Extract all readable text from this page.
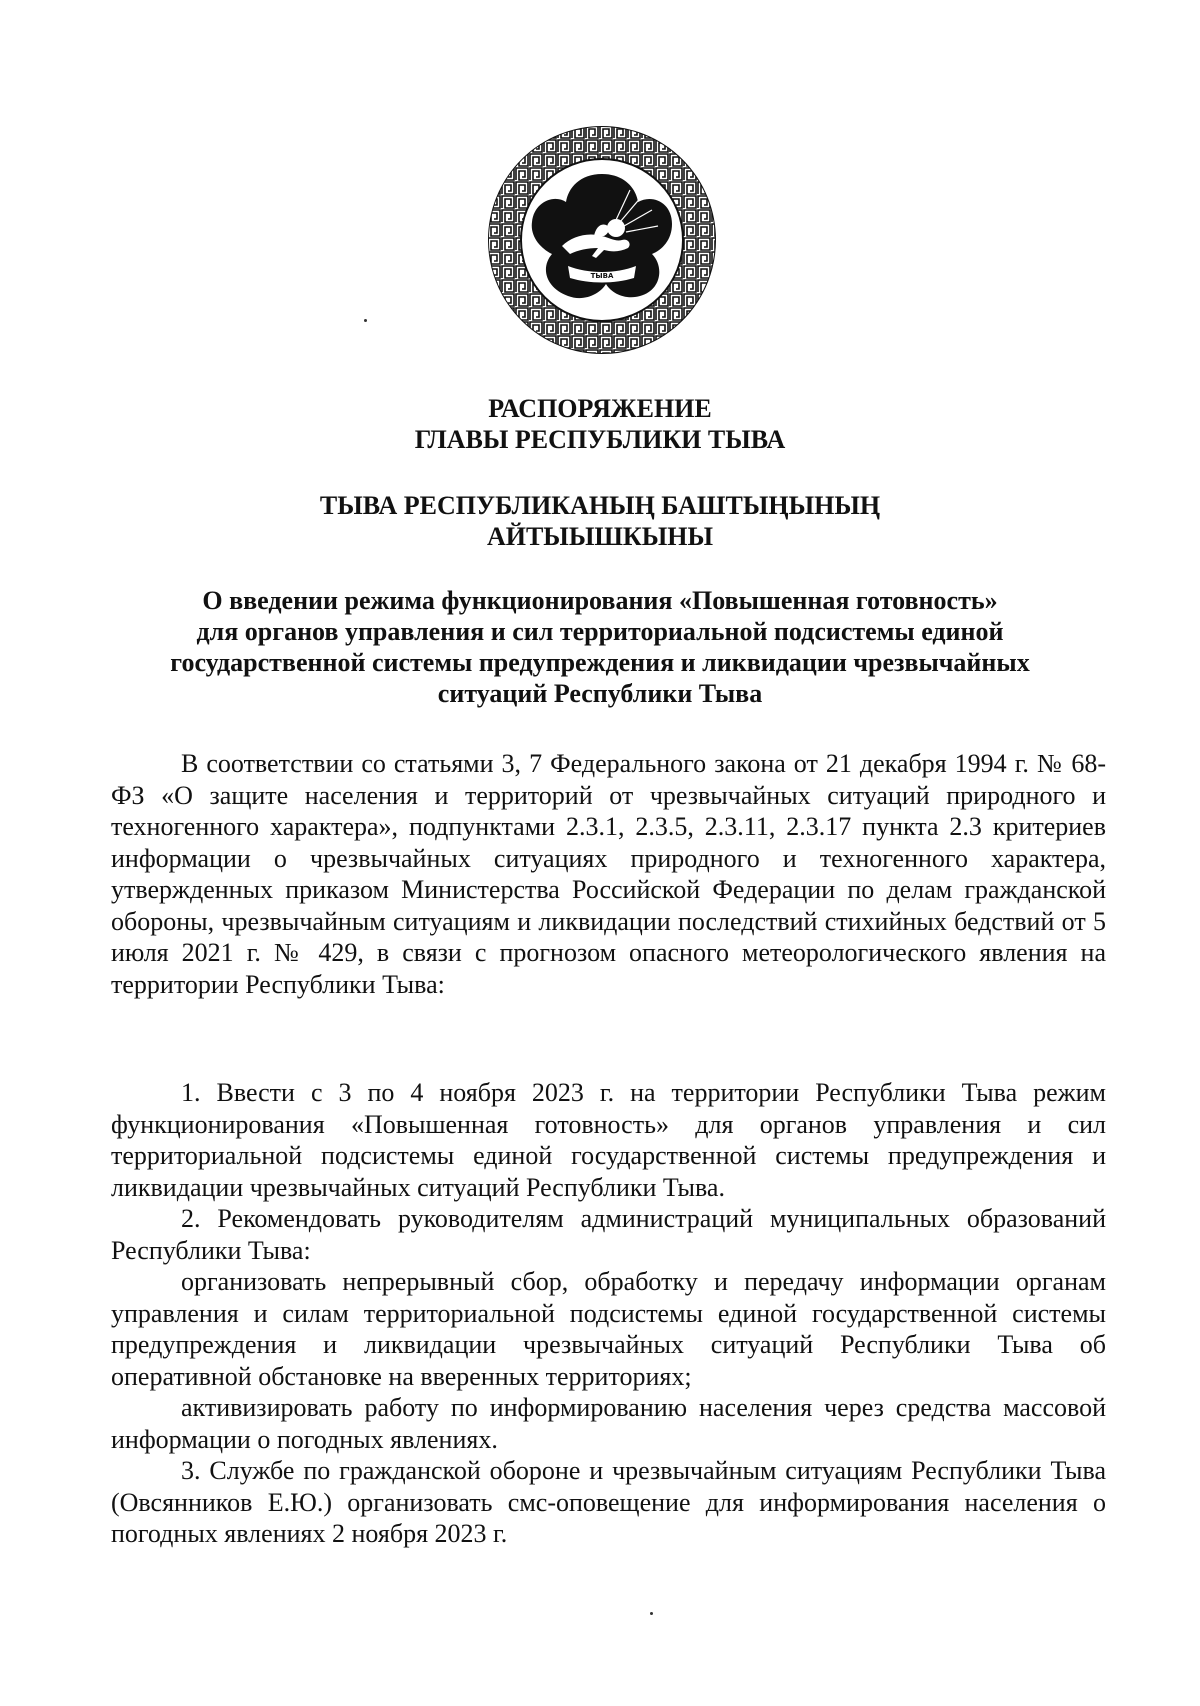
ТЫВА
РАСПОРЯЖЕНИЕ
ГЛАВЫ РЕСПУБЛИКИ ТЫВА
ТЫВА РЕСПУБЛИКАНЫҢ БАШТЫҢЫНЫҢ
АЙТЫЫШКЫНЫ
О введении режима функционирования «Повышенная готовность»
для органов управления и сил территориальной подсистемы единой
государственной системы предупреждения и ликвидации чрезвычайных
ситуаций Республики Тыва

В соответствии со статьями 3, 7 Федерального закона от 21 декабря 1994 г. № 68-ФЗ «О защите населения и территорий от чрезвычайных ситуаций природного и техногенного характера», подпунктами 2.3.1, 2.3.5, 2.3.11, 2.3.17 пункта 2.3 критериев информации о чрезвычайных ситуациях природного и техногенного характера, утвержденных приказом Министерства Российской Федерации по делам гражданской обороны, чрезвычайным ситуациям и ликвидации последствий стихийных бедствий от 5 июля 2021 г. № 429, в связи с прогнозом опасного метеорологического явления на территории Республики Тыва:

1. Ввести с 3 по 4 ноября 2023 г. на территории Республики Тыва режим функционирования «Повышенная готовность» для органов управления и сил территориальной подсистемы единой государственной системы предупреждения и ликвидации чрезвычайных ситуаций Республики Тыва.

2. Рекомендовать руководителям администраций муниципальных образований Республики Тыва:

организовать непрерывный сбор, обработку и передачу информации органам управления и силам территориальной подсистемы единой государственной системы предупреждения и ликвидации чрезвычайных ситуаций Республики Тыва об оперативной обстановке на вверенных территориях;

активизировать работу по информированию населения через средства массовой информации о погодных явлениях.

3. Службе по гражданской обороне и чрезвычайным ситуациям Республики Тыва (Овсянников Е.Ю.) организовать смс-оповещение для информирования населения о погодных явлениях 2 ноября 2023 г.
